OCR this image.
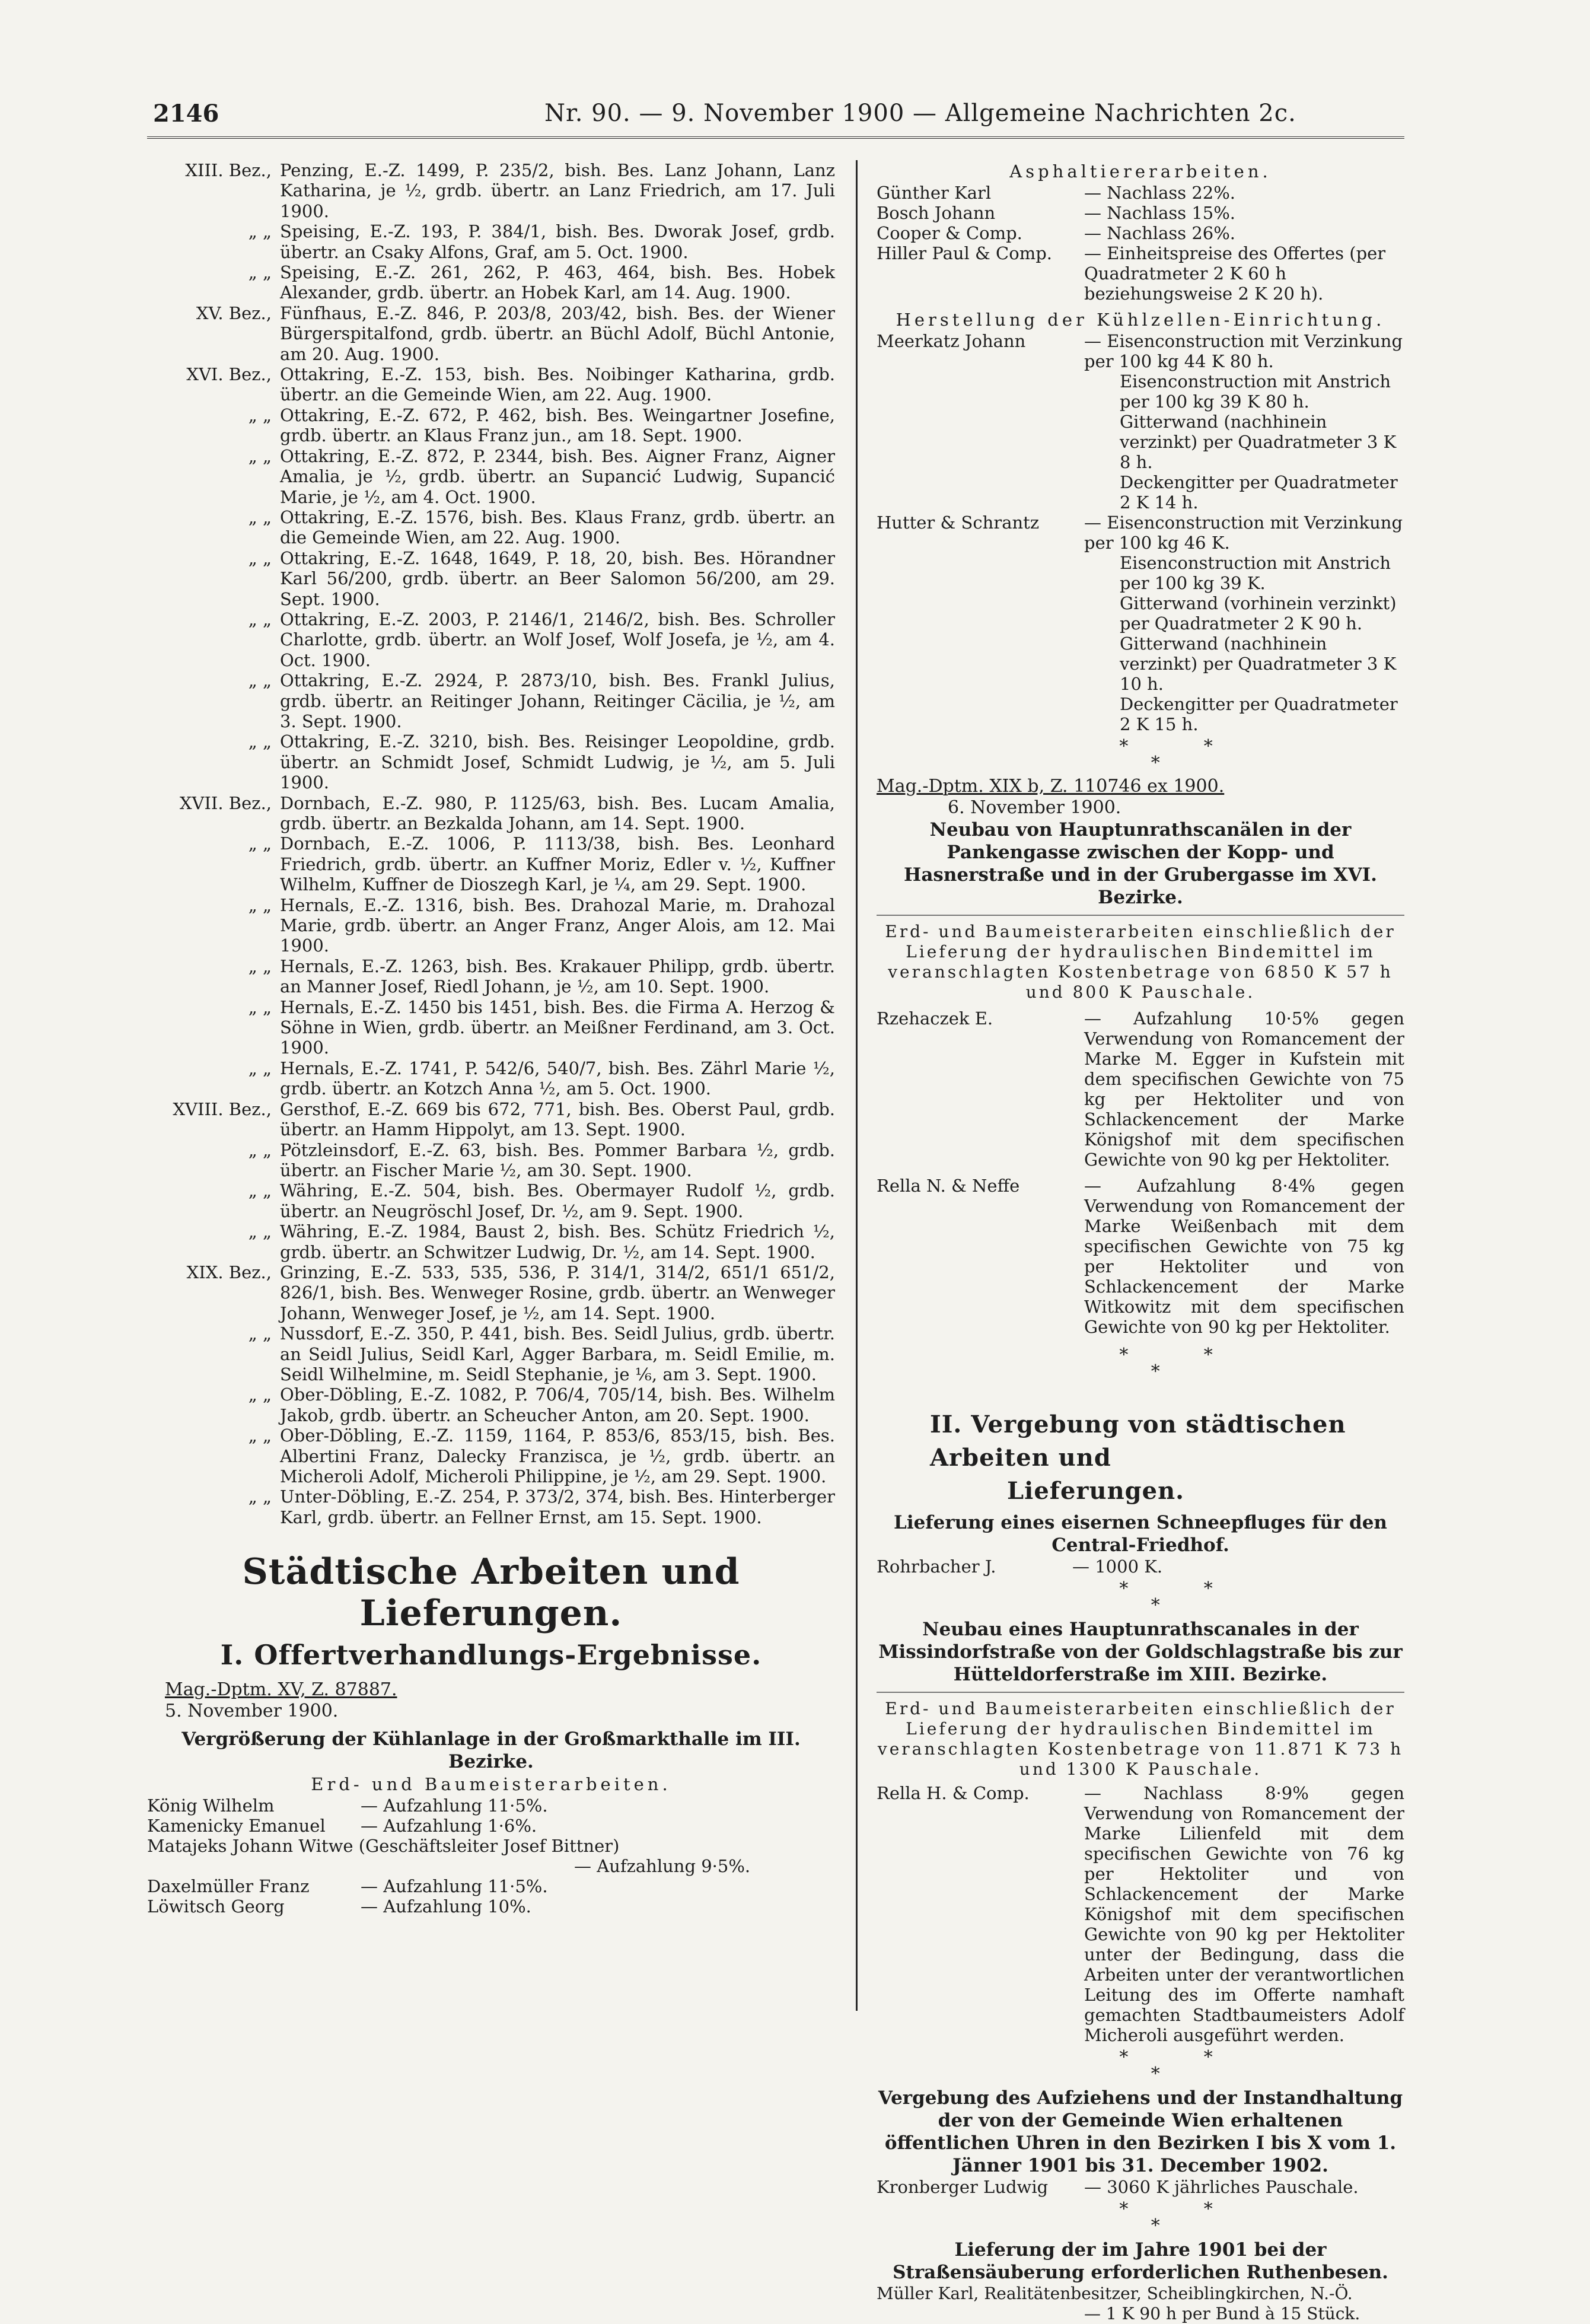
2146	Nr. 90. — 9. November 1900 — Allgemeine Nachrichten 2c.
XIII. Bez., Penzing, E.-Z. 1499, P. 235/2, bish. Bes. Lanz Johann, Lanz Katharina, je ½, grdb. übertr. an Lanz Friedrich, am 17. Juli 1900.
„ „ Speising, E.-Z. 193, P. 384/1, bish. Bes. Dworak Josef, grdb. übertr. an Csaky Alfons, Graf, am 5. Oct. 1900.
„ „ Speising, E.-Z. 261, 262, P. 463, 464, bish. Bes. Hobek Alexander, grdb. übertr. an Hobek Karl, am 14. Aug. 1900.
XV. Bez., Fünfhaus, E.-Z. 846, P. 203/8, 203/42, bish. Bes. der Wiener Bürgerspitalfond, grdb. übertr. an Büchl Adolf, Büchl Antonie, am 20. Aug. 1900.
XVI. Bez., Ottakring, E.-Z. 153, bish. Bes. Noibinger Katharina, grdb. übertr. an die Gemeinde Wien, am 22. Aug. 1900.
„ „ Ottakring, E.-Z. 672, P. 462, bish. Bes. Weingartner Josefine, grdb. übertr. an Klaus Franz jun., am 18. Sept. 1900.
„ „ Ottakring, E.-Z. 872, P. 2344, bish. Bes. Aigner Franz, Aigner Amalia, je ½, grdb. übertr. an Supancić Ludwig, Supancić Marie, je ½, am 4. Oct. 1900.
„ „ Ottakring, E.-Z. 1576, bish. Bes. Klaus Franz, grdb. übertr. an die Gemeinde Wien, am 22. Aug. 1900.
„ „ Ottakring, E.-Z. 1648, 1649, P. 18, 20, bish. Bes. Hörandner Karl 56/200, grdb. übertr. an Beer Salomon 56/200, am 29. Sept. 1900.
„ „ Ottakring, E.-Z. 2003, P. 2146/1, 2146/2, bish. Bes. Schroller Charlotte, grdb. übertr. an Wolf Josef, Wolf Josefa, je ½, am 4. Oct. 1900.
„ „ Ottakring, E.-Z. 2924, P. 2873/10, bish. Bes. Frankl Julius, grdb. übertr. an Reitinger Johann, Reitinger Cäcilia, je ½, am 3. Sept. 1900.
„ „ Ottakring, E.-Z. 3210, bish. Bes. Reisinger Leopoldine, grdb. übertr. an Schmidt Josef, Schmidt Ludwig, je ½, am 5. Juli 1900.
XVII. Bez., Dornbach, E.-Z. 980, P. 1125/63, bish. Bes. Lucam Amalia, grdb. übertr. an Bezkalda Johann, am 14. Sept. 1900.
„ „ Dornbach, E.-Z. 1006, P. 1113/38, bish. Bes. Leonhard Friedrich, grdb. übertr. an Kuffner Moriz, Edler v. ½, Kuffner Wilhelm, Kuffner de Dioszegh Karl, je ¼, am 29. Sept. 1900.
„ „ Hernals, E.-Z. 1316, bish. Bes. Drahozal Marie, m. Drahozal Marie, grdb. übertr. an Anger Franz, Anger Alois, am 12. Mai 1900.
„ „ Hernals, E.-Z. 1263, bish. Bes. Krakauer Philipp, grdb. übertr. an Manner Josef, Riedl Johann, je ½, am 10. Sept. 1900.
„ „ Hernals, E.-Z. 1450 bis 1451, bish. Bes. die Firma A. Herzog & Söhne in Wien, grdb. übertr. an Meißner Ferdinand, am 3. Oct. 1900.
„ „ Hernals, E.-Z. 1741, P. 542/6, 540/7, bish. Bes. Zährl Marie ½, grdb. übertr. an Kotzch Anna ½, am 5. Oct. 1900.
XVIII. Bez., Gersthof, E.-Z. 669 bis 672, 771, bish. Bes. Oberst Paul, grdb. übertr. an Hamm Hippolyt, am 13. Sept. 1900.
„ „ Pötzleinsdorf, E.-Z. 63, bish. Bes. Pommer Barbara ½, grdb. übertr. an Fischer Marie ½, am 30. Sept. 1900.
„ „ Währing, E.-Z. 504, bish. Bes. Obermayer Rudolf ½, grdb. übertr. an Neugröschl Josef, Dr. ½, am 9. Sept. 1900.
„ „ Währing, E.-Z. 1984, Baust 2, bish. Bes. Schütz Friedrich ½, grdb. übertr. an Schwitzer Ludwig, Dr. ½, am 14. Sept. 1900.
XIX. Bez., Grinzing, E.-Z. 533, 535, 536, P. 314/1, 314/2, 651/1 651/2, 826/1, bish. Bes. Wenweger Rosine, grdb. übertr. an Wenweger Johann, Wenweger Josef, je ½, am 14. Sept. 1900.
„ „ Nussdorf, E.-Z. 350, P. 441, bish. Bes. Seidl Julius, grdb. übertr. an Seidl Julius, Seidl Karl, Agger Barbara, m. Seidl Emilie, m. Seidl Wilhelmine, m. Seidl Stephanie, je ⅙, am 3. Sept. 1900.
„ „ Ober-Döbling, E.-Z. 1082, P. 706/4, 705/14, bish. Bes. Wilhelm Jakob, grdb. übertr. an Scheucher Anton, am 20. Sept. 1900.
„ „ Ober-Döbling, E.-Z. 1159, 1164, P. 853/6, 853/15, bish. Bes. Albertini Franz, Dalecky Franzisca, je ½, grdb. übertr. an Micheroli Adolf, Micheroli Philippine, je ½, am 29. Sept. 1900.
„ „ Unter-Döbling, E.-Z. 254, P. 373/2, 374, bish. Bes. Hinterberger Karl, grdb. übertr. an Fellner Ernst, am 15. Sept. 1900.
Städtische Arbeiten und Lieferungen.
I. Offertverhandlungs-Ergebnisse.
Mag.-Dptm. XV, Z. 87887.
5. November 1900.
Vergrößerung der Kühlanlage in der Großmarkthalle im III. Bezirke.
Erd- und Baumeisterarbeiten.
König Wilhelm	— Aufzahlung 11·5%.
Kamenicky Emanuel	— Aufzahlung 1·6%.
Matajeks Johann Witwe (Geschäftsleiter Josef Bittner)
— Aufzahlung 9·5%.
Daxelmüller Franz	— Aufzahlung 11·5%.
Löwitsch Georg	— Aufzahlung 10%.
Asphaltiererarbeiten.
Günther Karl	— Nachlass 22%.
Bosch Johann	— Nachlass 15%.
Cooper & Comp.	— Nachlass 26%.
Hiller Paul & Comp.	— Einheitspreise des Offertes (per Quadratmeter 2 K 60 h beziehungsweise 2 K 20 h).
Herstellung der Kühlzellen-Einrichtung.
Meerkatz Johann	— Eisenconstruction mit Verzinkung per 100 kg 44 K 80 h.
Eisenconstruction mit Anstrich per 100 kg 39 K 80 h.
Gitterwand (nachhinein verzinkt) per Quadratmeter 3 K 8 h.
Deckengitter per Quadratmeter 2 K 14 h.
Hutter & Schrantz	— Eisenconstruction mit Verzinkung per 100 kg 46 K.
Eisenconstruction mit Anstrich per 100 kg 39 K.
Gitterwand (vorhinein verzinkt) per Quadratmeter 2 K 90 h.
Gitterwand (nachhinein verzinkt) per Quadratmeter 3 K 10 h.
Deckengitter per Quadratmeter 2 K 15 h.
*
*
*
Mag.-Dptm. XIX b, Z. 110746 ex 1900.
6. November 1900.
Neubau von Hauptunrathscanälen in der Pankengasse zwischen der Kopp- und Hasnerstraße und in der Grubergasse im XVI. Bezirke.
Erd- und Baumeisterarbeiten einschließlich der Lieferung der hydraulischen Bindemittel im veranschlagten Kostenbetrage von 6850 K 57 h und 800 K Pauschale.
Rzehaczek E.	— Aufzahlung 10·5% gegen Verwendung von Romancement der Marke M. Egger in Kufstein mit dem specifischen Gewichte von 75 kg per Hektoliter und von Schlackencement der Marke Königshof mit dem specifischen Gewichte von 90 kg per Hektoliter.
Rella N. & Neffe	— Aufzahlung 8·4% gegen Verwendung von Romancement der Marke Weißenbach mit dem specifischen Gewichte von 75 kg per Hektoliter und von Schlackencement der Marke Witkowitz mit dem specifischen Gewichte von 90 kg per Hektoliter.
*
*
*
II. Vergebung von städtischen Arbeiten und
Lieferungen.
Lieferung eines eisernen Schneepfluges für den Central-Friedhof.
Rohrbacher J.	— 1000 K.
*
*
*
Neubau eines Hauptunrathscanales in der Missindorfstraße von der Goldschlagstraße bis zur Hütteldorferstraße im XIII. Bezirke.
Erd- und Baumeisterarbeiten einschließlich der Lieferung der hydraulischen Bindemittel im veranschlagten Kostenbetrage von 11.871 K 73 h und 1300 K Pauschale.
Rella H. & Comp.	— Nachlass 8·9% gegen Verwendung von Romancement der Marke Lilienfeld mit dem specifischen Gewichte von 76 kg per Hektoliter und von Schlackencement der Marke Königshof mit dem specifischen Gewichte von 90 kg per Hektoliter unter der Bedingung, dass die Arbeiten unter der verantwortlichen Leitung des im Offerte namhaft gemachten Stadtbaumeisters Adolf Micheroli ausgeführt werden.
*
*
*
Vergebung des Aufziehens und der Instandhaltung der von der Gemeinde Wien erhaltenen öffentlichen Uhren in den Bezirken I bis X vom 1. Jänner 1901 bis 31. December 1902.
Kronberger Ludwig	— 3060 K jährliches Pauschale.
*
*
*
Lieferung der im Jahre 1901 bei der Straßensäuberung erforderlichen Ruthenbesen.
Müller Karl, Realitätenbesitzer, Scheiblingkirchen, N.-Ö.
— 1 K 90 h per Bund à 15 Stück.
